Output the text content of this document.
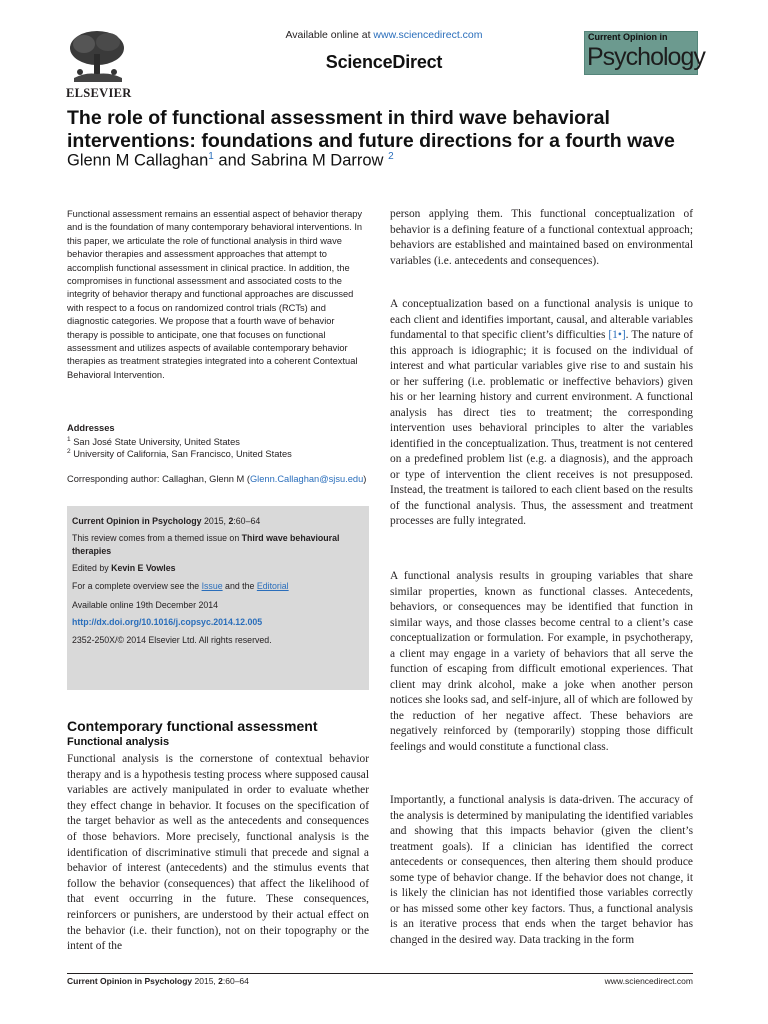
ELSEVIER
Available online at www.sciencedirect.com
ScienceDirect
Current Opinion in
Psychology
The role of functional assessment in third wave behavioral interventions: foundations and future directions for a fourth wave
Glenn M Callaghan$^1$ and Sabrina M Darrow $^2$
Functional assessment remains an essential aspect of behavior therapy and is the foundation of many contemporary behavioral interventions. In this paper, we articulate the role of functional analysis in third wave behavior therapies and assessment approaches that attempt to accomplish functional assessment in clinical practice. In addition, the compromises in functional assessment and associated costs to the integrity of behavior therapy and functional approaches are discussed with respect to a focus on randomized control trials (RCTs) and diagnostic categories. We propose that a fourth wave of behavior therapy is possible to anticipate, one that focuses on functional assessment and utilizes aspects of available contemporary behavior therapies as treatment strategies integrated into a coherent Contextual Behavioral Intervention.
Addresses
$^1$ San José State University, United States
$^2$ University of California, San Francisco, United States
Corresponding author: Callaghan, Glenn M (Glenn.Callaghan@sjsu.edu)
Current Opinion in Psychology 2015, 2:60–64
This review comes from a themed issue on Third wave behavioural therapies
Edited by Kevin E Vowles
For a complete overview see the Issue and the Editorial
Available online 19th December 2014
http://dx.doi.org/10.1016/j.copsyc.2014.12.005
2352-250X/© 2014 Elsevier Ltd. All rights reserved.
Contemporary functional assessment
Functional analysis

Functional analysis is the cornerstone of contextual behavior therapy and is a hypothesis testing process where supposed causal variables are actively manipulated in order to evaluate whether they effect change in behavior. It focuses on the specification of the target behavior as well as the antecedents and consequences of those behaviors. More precisely, functional analysis is the identification of discriminative stimuli that precede and signal a behavior of interest (antecedents) and the stimulus events that follow the behavior (consequences) that affect the likelihood of that event occurring in the future. These consequences, reinforcers or punishers, are understood by their actual effect on the behavior (i.e. their function), not on their topography or the intent of the

person applying them. This functional conceptualization of behavior is a defining feature of a functional contextual approach; behaviors are established and maintained based on environmental variables (i.e. antecedents and consequences).

A conceptualization based on a functional analysis is unique to each client and identifies important, causal, and alterable variables fundamental to that specific client’s difficulties [1•]. The nature of this approach is idiographic; it is focused on the individual of interest and what particular variables give rise to and sustain his or her suffering (i.e. problematic or ineffective behaviors) given his or her learning history and current environment. A functional analysis has direct ties to treatment; the corresponding intervention uses behavioral principles to alter the variables identified in the conceptualization. Thus, treatment is not centered on a predefined problem list (e.g. a diagnosis), and the approach or type of intervention the client receives is not presupposed. Instead, the treatment is tailored to each client based on the results of the functional analysis. Thus, the assessment and treatment processes are fully integrated.

A functional analysis results in grouping variables that share similar properties, known as functional classes. Antecedents, behaviors, or consequences may be identified that function in similar ways, and those classes become central to a client’s case conceptualization or formulation. For example, in psychotherapy, a client may engage in a variety of behaviors that all serve the function of escaping from difficult emotional experiences. That client may drink alcohol, make a joke when another person notices she looks sad, and self-injure, all of which are followed by the reduction of her negative affect. These behaviors are negatively reinforced by (temporarily) stopping those difficult feelings and would constitute a functional class.

Importantly, a functional analysis is data-driven. The accuracy of the analysis is determined by manipulating the identified variables and showing that this impacts behavior (given the client’s treatment goals). If a clinician has identified the correct antecedents or consequences, then altering them should produce some type of behavior change. If the behavior does not change, it is likely the clinician has not identified those variables correctly or has missed some other key factors. Thus, a functional analysis is an iterative process that ends when the target behavior has changed in the desired way. Data tracking in the form

Current Opinion in Psychology 2015, 2:60–64	www.sciencedirect.com
